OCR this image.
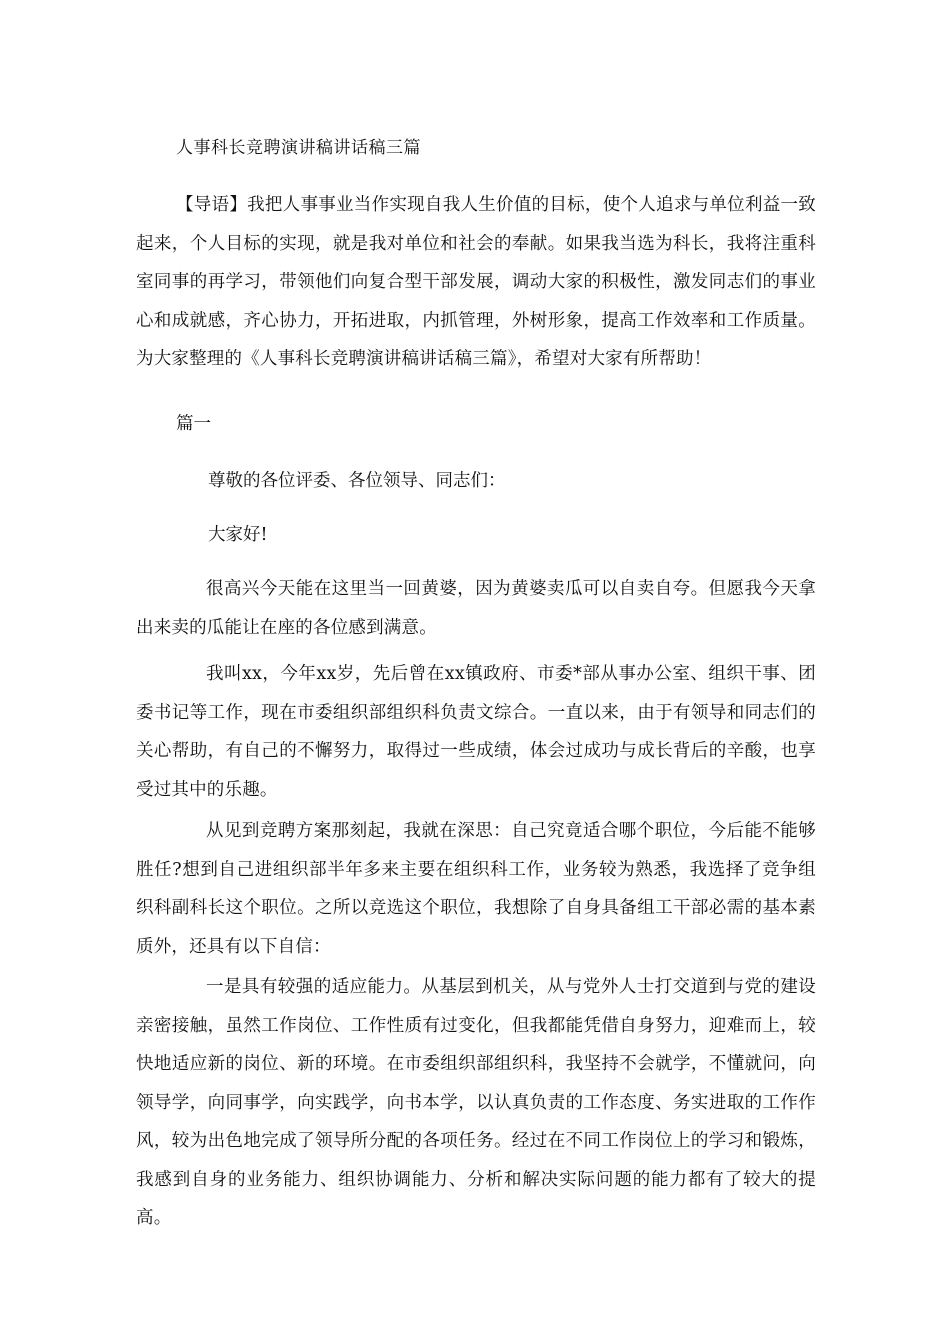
人事科长竞聘演讲稿讲话稿三篇
【导语】我把人事事业当作实现自我人生价值的目标，使个人追求与单位利益一致起来，个人目标的实现，就是我对单位和社会的奉献。如果我当选为科长，我将注重科室同事的再学习，带领他们向复合型干部发展，调动大家的积极性，激发同志们的事业心和成就感，齐心协力，开拓进取，内抓管理，外树形象，提高工作效率和工作质量。为大家整理的《人事科长竞聘演讲稿讲话稿三篇》，希望对大家有所帮助！
篇一
尊敬的各位评委、各位领导、同志们：
大家好!
很高兴今天能在这里当一回黄婆，因为黄婆卖瓜可以自卖自夸。但愿我今天拿出来卖的瓜能让在座的各位感到满意。
我叫xx，今年xx岁，先后曾在xx镇政府、市委*部从事办公室、组织干事、团委书记等工作，现在市委组织部组织科负责文综合。一直以来，由于有领导和同志们的关心帮助，有自己的不懈努力，取得过一些成绩，体会过成功与成长背后的辛酸，也享受过其中的乐趣。
从见到竞聘方案那刻起，我就在深思：自己究竟适合哪个职位，今后能不能够胜任?想到自己进组织部半年多来主要在组织科工作，业务较为熟悉，我选择了竞争组织科副科长这个职位。之所以竞选这个职位，我想除了自身具备组工干部必需的基本素质外，还具有以下自信：
一是具有较强的适应能力。从基层到机关，从与党外人士打交道到与党的建设亲密接触，虽然工作岗位、工作性质有过变化，但我都能凭借自身努力，迎难而上，较快地适应新的岗位、新的环境。在市委组织部组织科，我坚持不会就学，不懂就问，向领导学，向同事学，向实践学，向书本学，以认真负责的工作态度、务实进取的工作作风，较为出色地完成了领导所分配的各项任务。经过在不同工作岗位上的学习和锻炼，我感到自身的业务能力、组织协调能力、分析和解决实际问题的能力都有了较大的提高。
